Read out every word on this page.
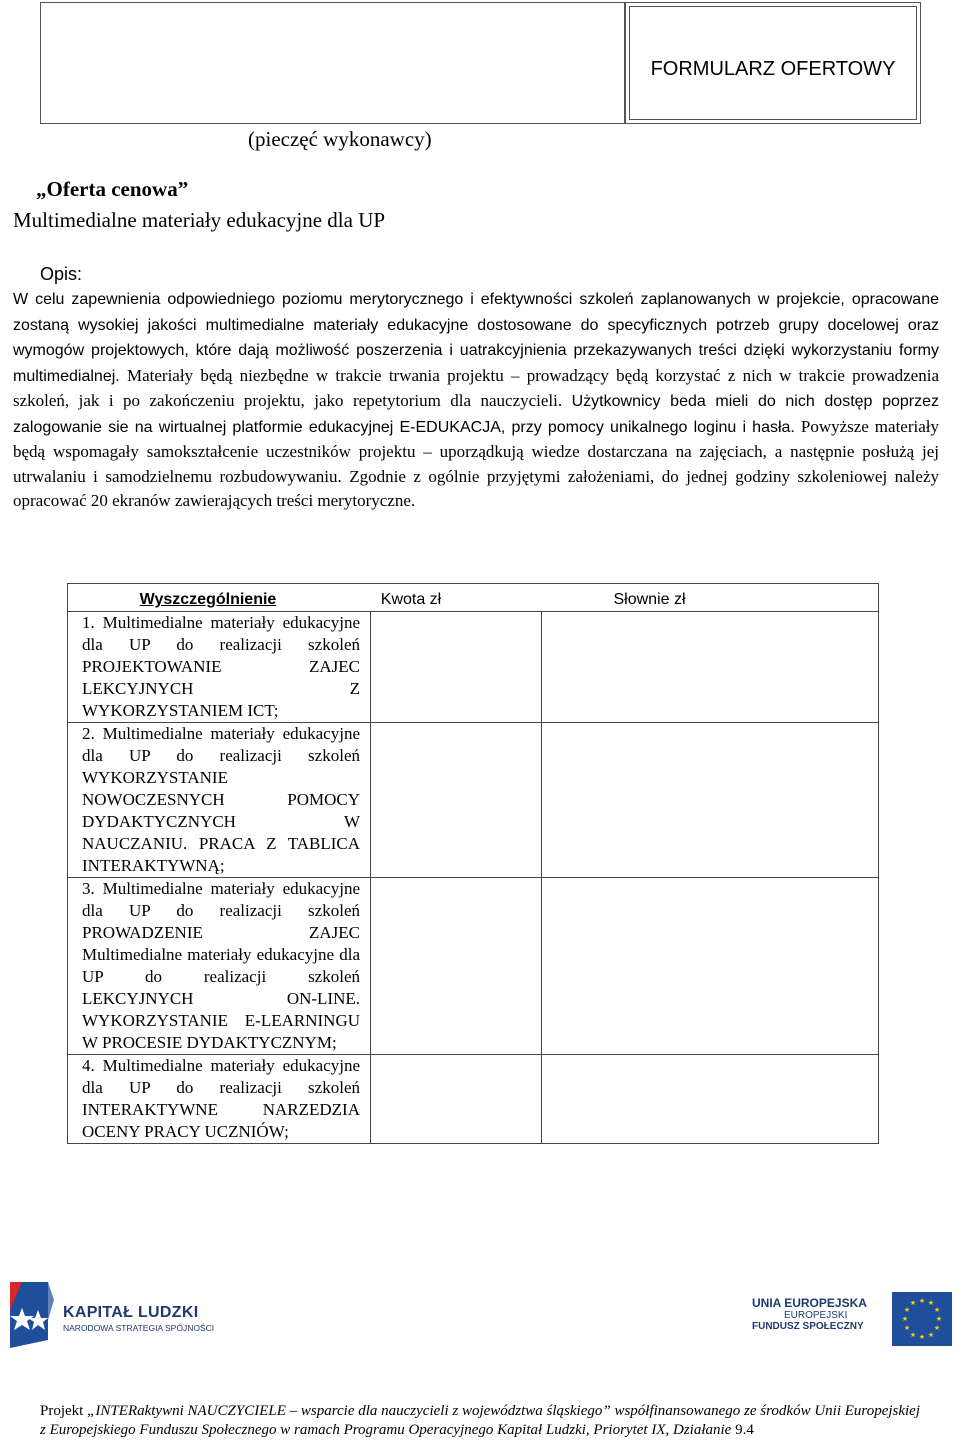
FORMULARZ OFERTOWY
(pieczęć wykonawcy)
„Oferta cenowa”
Multimedialne materiały edukacyjne dla UP
Opis:
W celu zapewnienia odpowiedniego poziomu merytorycznego i efektywności szkoleń zaplanowanych w projekcie, opracowane zostaną wysokiej jakości multimedialne materiały edukacyjne dostosowane do specyficznych potrzeb grupy docelowej oraz wymogów projektowych, które dają możliwość poszerzenia i uatrakcyjnienia przekazywanych treści dzięki wykorzystaniu formy multimedialnej. Materiały będą niezbędne w trakcie trwania projektu – prowadzący będą korzystać z nich w trakcie prowadzenia szkoleń, jak i po zakończeniu projektu, jako repetytorium dla nauczycieli. Użytkownicy beda mieli do nich dostęp poprzez zalogowanie sie na wirtualnej platformie edukacyjnej E-EDUKACJA, przy pomocy unikalnego loginu i hasła. Powyższe materiały będą wspomagały samokształcenie uczestników projektu – uporządkują wiedze dostarczana na zajęciach, a następnie posłużą jej utrwalaniu i samodzielnemu rozbudowywaniu. Zgodnie z ogólnie przyjętymi założeniami, do jednej godziny szkoleniowej należy opracować 20 ekranów zawierających treści merytoryczne.
Wyszczególnienie Kwota zł Słownie zł		

1. Multimedialne materiały edukacyjne dla UP do realizacji szkoleń PROJEKTOWANIE ZAJEC LEKCYJNYCH Z WYKORZYSTANIEM ICT;		

2. Multimedialne materiały edukacyjne dla UP do realizacji szkoleń WYKORZYSTANIE NOWOCZESNYCH POMOCY DYDAKTYCZNYCH W NAUCZANIU. PRACA Z TABLICA INTERAKTYWNĄ;		

3. Multimedialne materiały edukacyjne dla UP do realizacji szkoleń PROWADZENIE ZAJEC Multimedialne materiały edukacyjne dla UP do realizacji szkoleń LEKCYJNYCH ON-LINE. WYKORZYSTANIE E-LEARNINGU W PROCESIE DYDAKTYCZNYM;		

4. Multimedialne materiały edukacyjne dla UP do realizacji szkoleń INTERAKTYWNE NARZEDZIA OCENY PRACY UCZNIÓW;		

KAPITAŁ LUDZKI
NARODOWA STRATEGIA SPÓJNOŚCI
UNIA EUROPEJSKA
EUROPEJSKI
FUNDUSZ SPOŁECZNY
★ ★
★
★
★
★
★
★
★
★
★
★
Projekt „INTERaktywni NAUCZYCIELE – wsparcie dla nauczycieli z województwa śląskiego” współfinansowanego ze środków Unii Europejskiej z Europejskiego Funduszu Społecznego w ramach Programu Operacyjnego Kapitał Ludzki, Priorytet IX, Działanie 9.4
